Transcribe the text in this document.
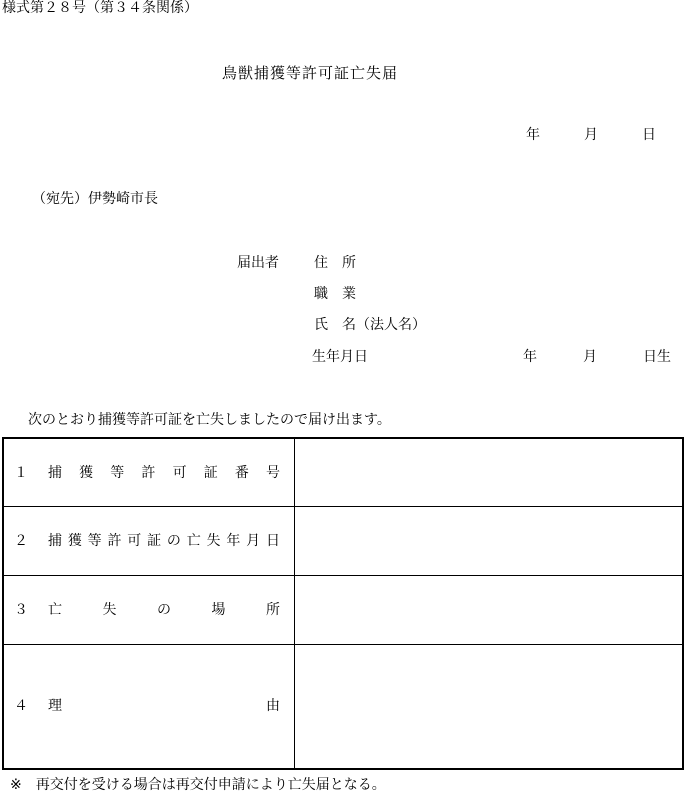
様式第２８号（第３４条関係）
鳥獣捕獲等許可証亡失届
年	月	日
（宛先）伊勢崎市長
届出者	住　所
職　業
氏　名（法人名）
生年月日	年	月	日生
次のとおり捕獲等許可証を亡失しましたので届け出ます。
１ 捕 獲 等 許 可 証 番 号
２ 捕 獲 等 許 可 証 の 亡 失 年 月 日
３ 亡	失	の	場	所
４ 理	由
※　再交付を受ける場合は再交付申請により亡失届となる。
